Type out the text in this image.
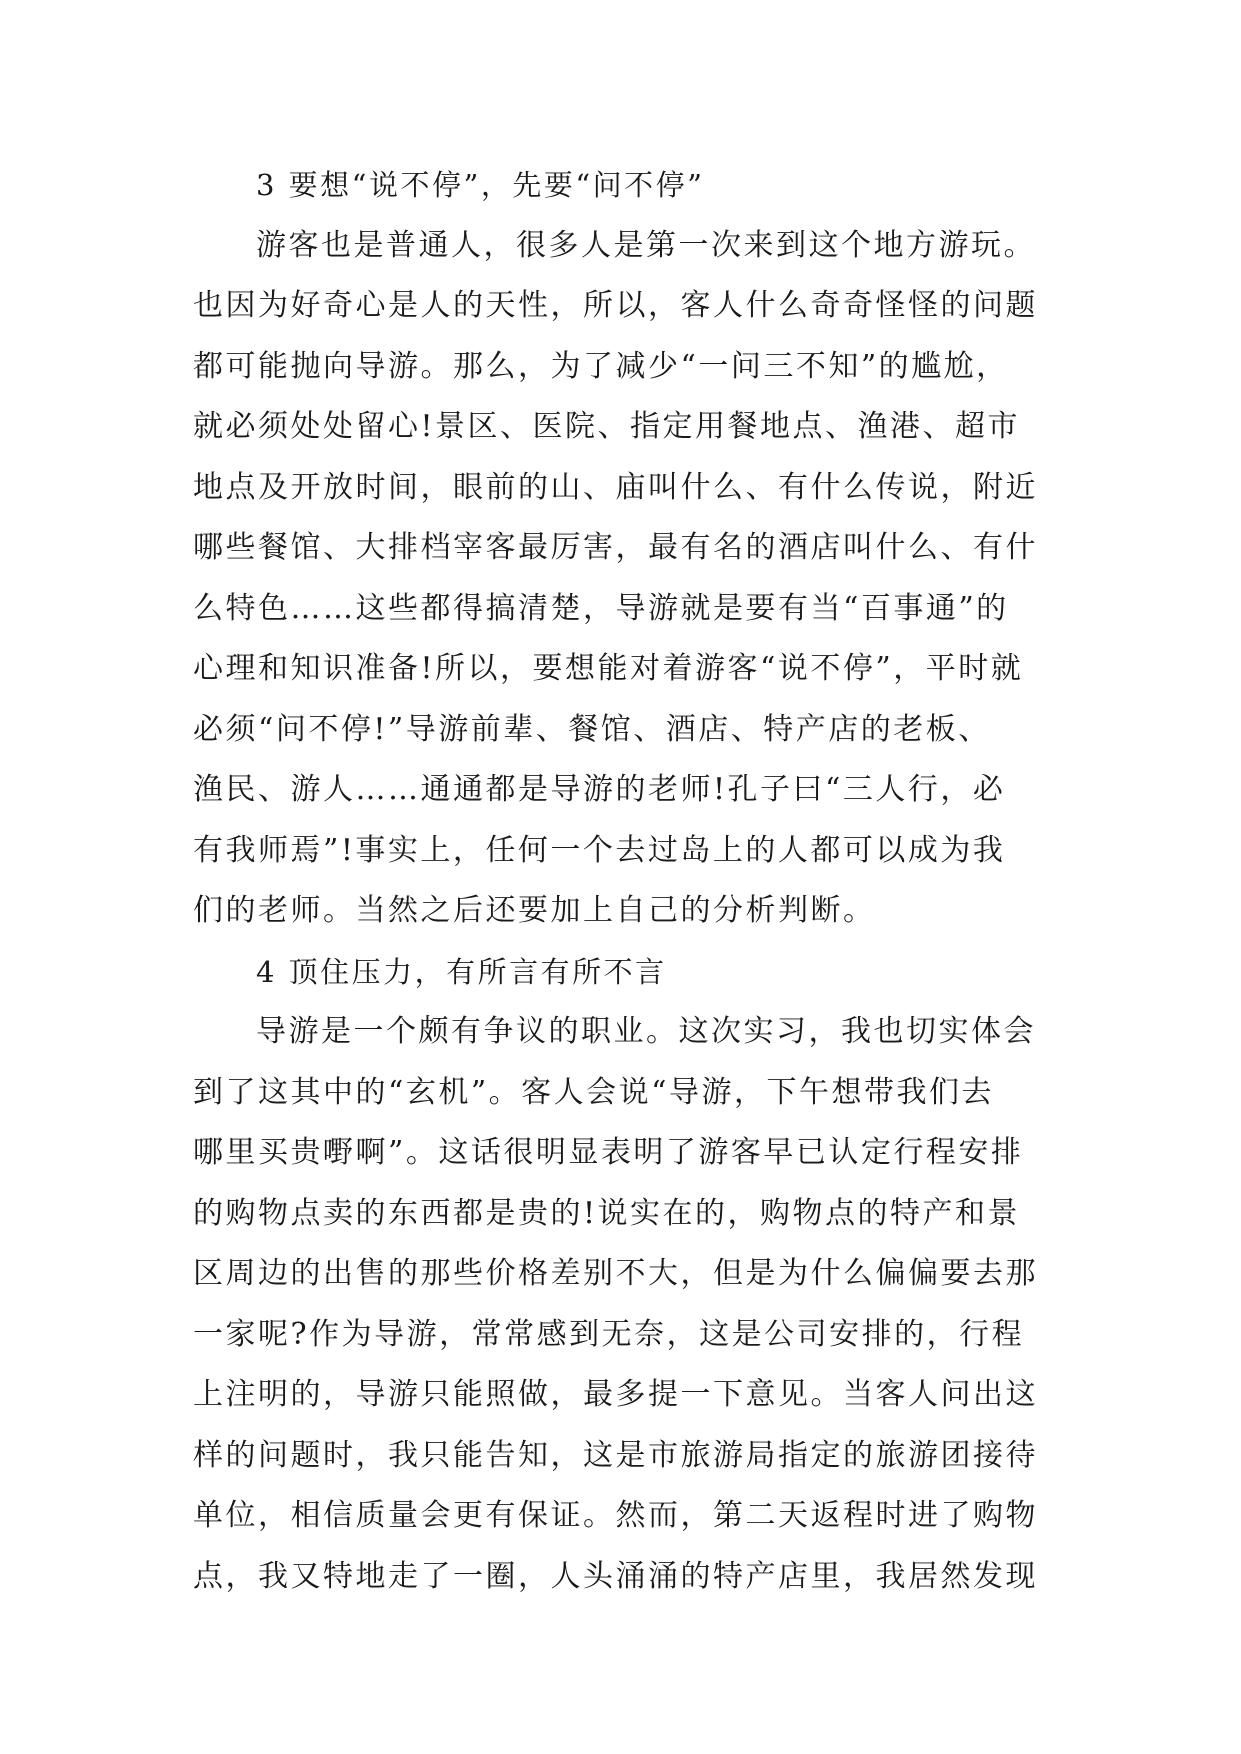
3 要想“说不停”，先要“问不停”
游客也是普通人，很多人是第一次来到这个地方游玩。
也因为好奇心是人的天性，所以，客人什么奇奇怪怪的问题
都可能抛向导游。那么，为了减少“一问三不知”的尴尬，
就必须处处留心!景区、医院、指定用餐地点、渔港、超市
地点及开放时间，眼前的山、庙叫什么、有什么传说，附近
哪些餐馆、大排档宰客最厉害，最有名的酒店叫什么、有什
么特色……这些都得搞清楚，导游就是要有当“百事通”的
心理和知识准备!所以，要想能对着游客“说不停”，平时就
必须“问不停!”导游前辈、餐馆、酒店、特产店的老板、
渔民、游人……通通都是导游的老师!孔子曰“三人行，必
有我师焉”!事实上，任何一个去过岛上的人都可以成为我
们的老师。当然之后还要加上自己的分析判断。
4 顶住压力，有所言有所不言
导游是一个颇有争议的职业。这次实习，我也切实体会
到了这其中的“玄机”。客人会说“导游，下午想带我们去
哪里买贵嘢啊”。这话很明显表明了游客早已认定行程安排
的购物点卖的东西都是贵的!说实在的，购物点的特产和景
区周边的出售的那些价格差别不大，但是为什么偏偏要去那
一家呢?作为导游，常常感到无奈，这是公司安排的，行程
上注明的，导游只能照做，最多提一下意见。当客人问出这
样的问题时，我只能告知，这是市旅游局指定的旅游团接待
单位，相信质量会更有保证。然而，第二天返程时进了购物
点，我又特地走了一圈，人头涌涌的特产店里，我居然发现
